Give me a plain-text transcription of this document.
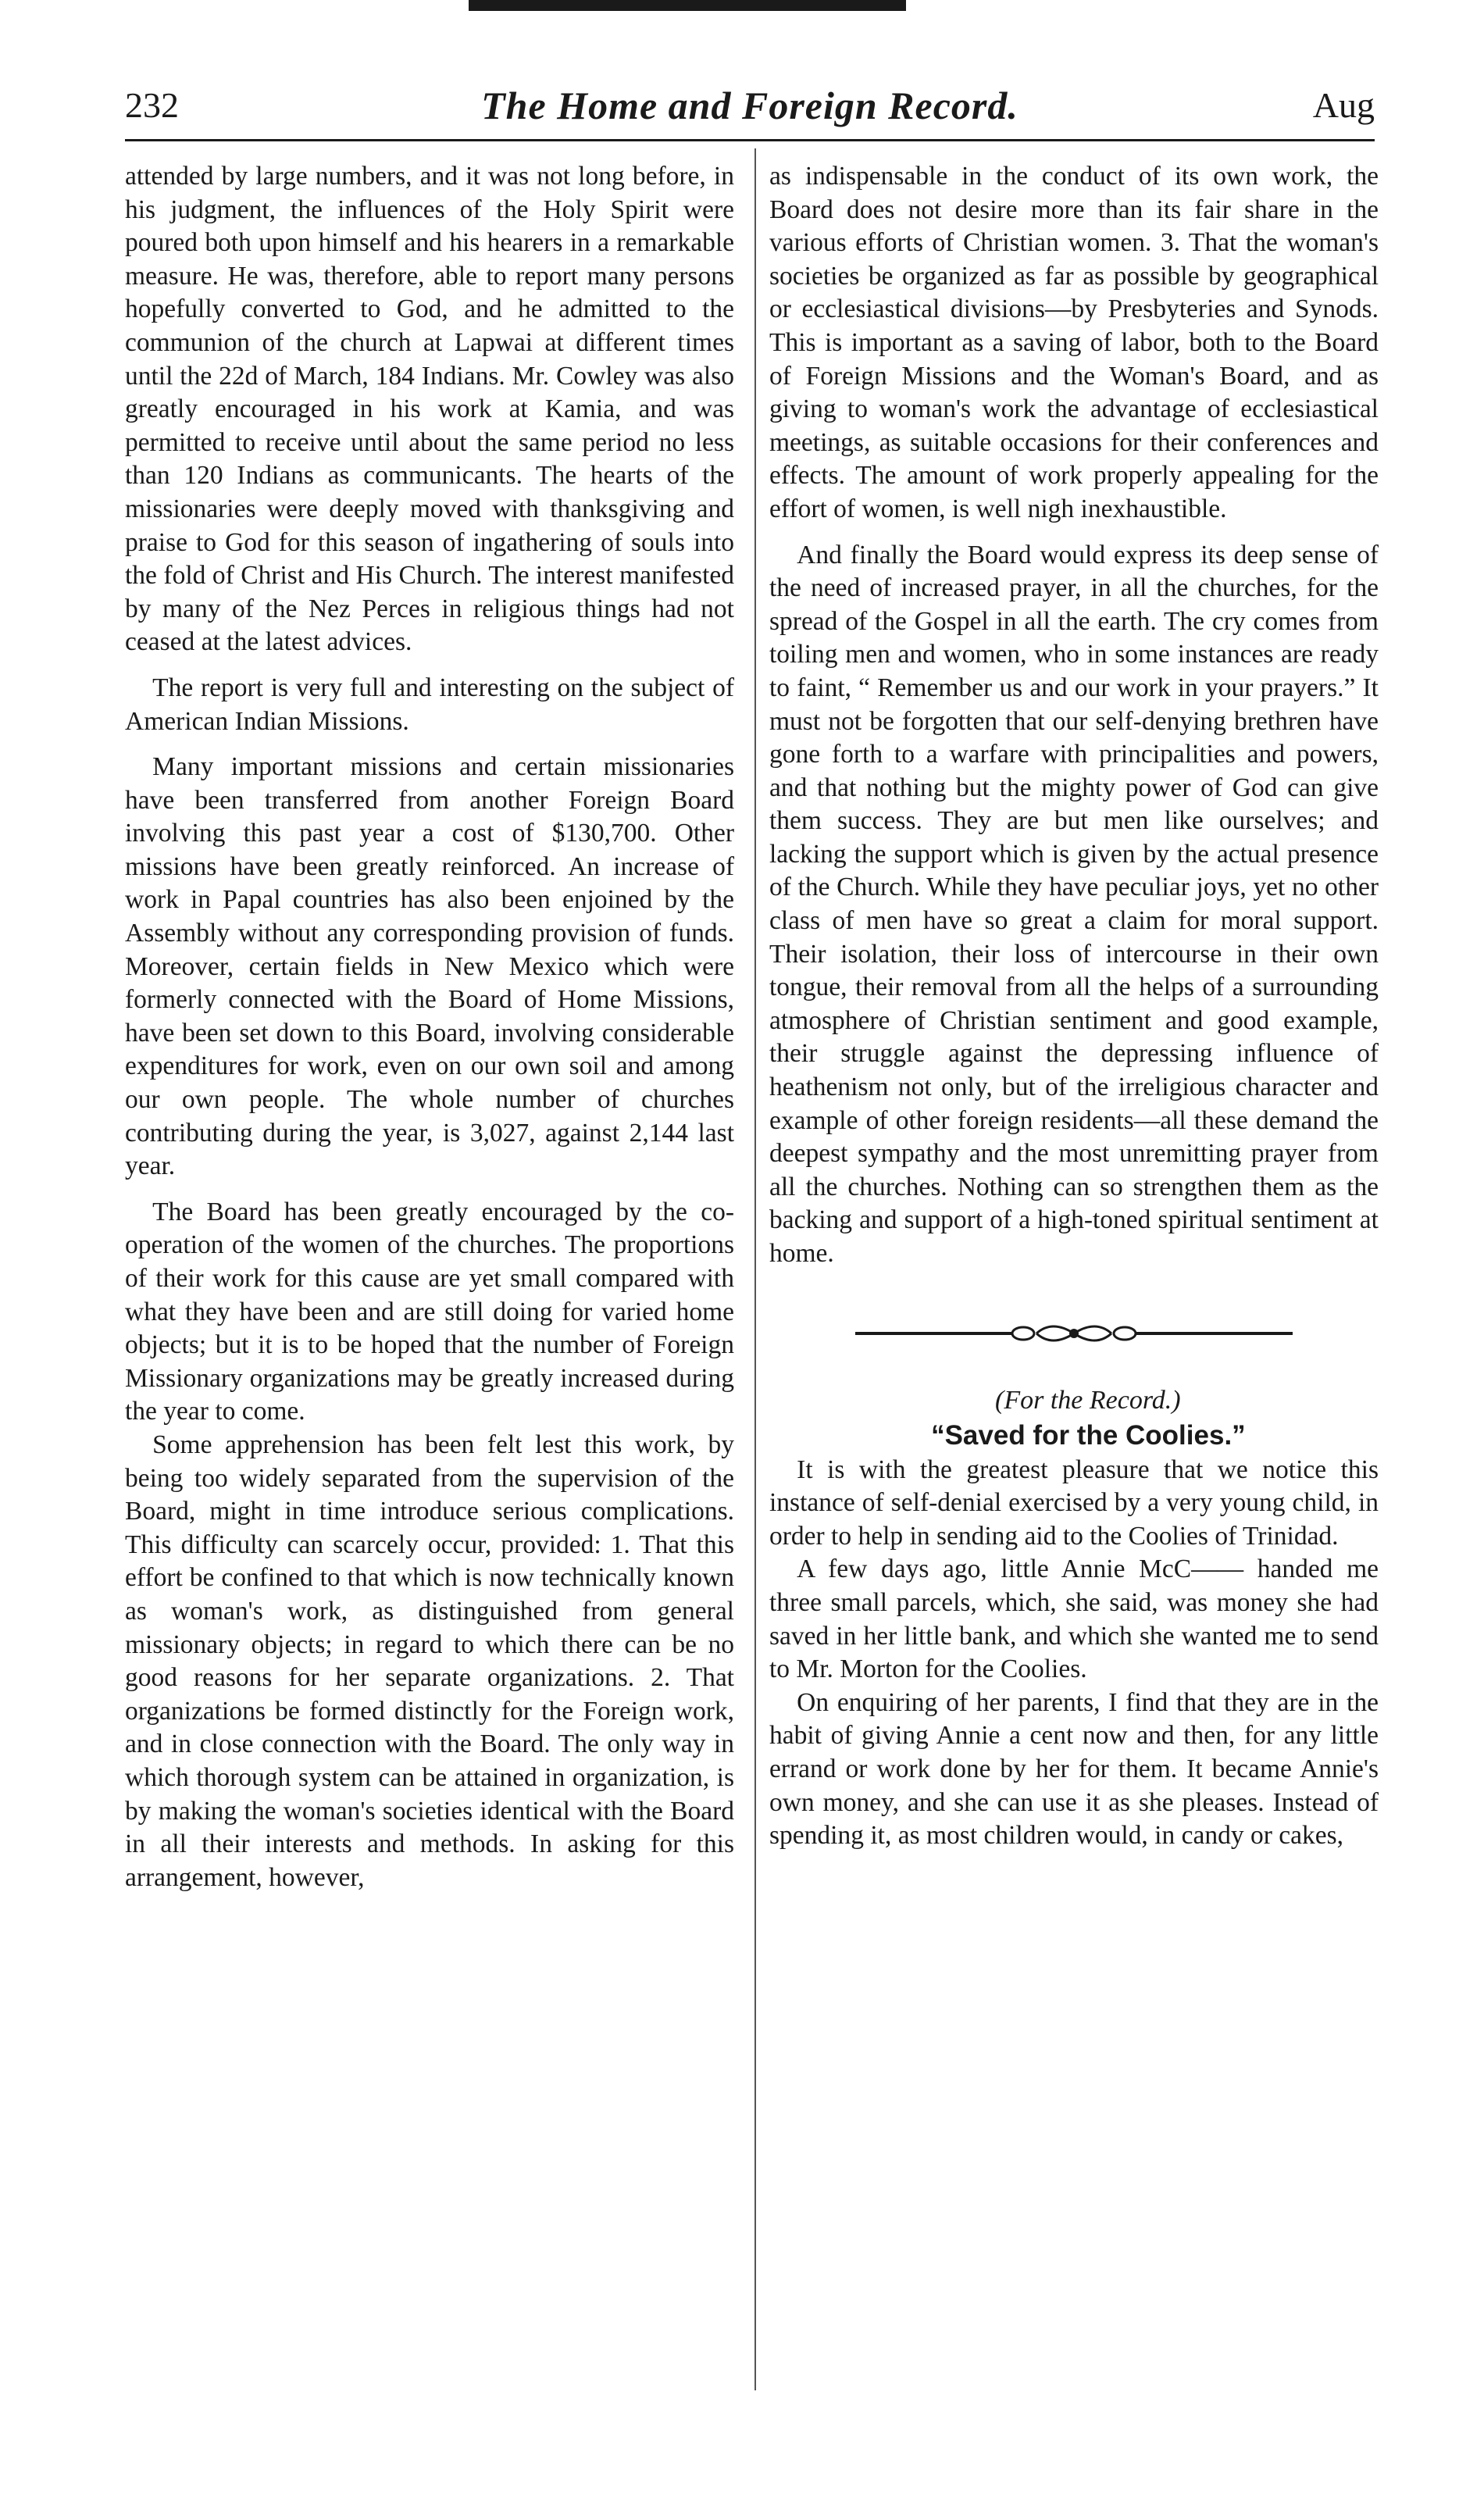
232	The Home and Foreign Record.	Aug

attended by large numbers, and it was not long before, in his judgment, the influences of the Holy Spirit were poured both upon himself and his hearers in a remarkable measure. He was, therefore, able to report many persons hopefully converted to God, and he admitted to the communion of the church at Lapwai at different times until the 22d of March, 184 Indians. Mr. Cowley was also greatly encouraged in his work at Kamia, and was permitted to receive until about the same period no less than 120 Indians as communicants. The hearts of the missionaries were deeply moved with thanksgiving and praise to God for this season of ingathering of souls into the fold of Christ and His Church. The interest manifested by many of the Nez Perces in religious things had not ceased at the latest advices.

The report is very full and interesting on the subject of American Indian Missions.

Many important missions and certain missionaries have been transferred from another Foreign Board involving this past year a cost of $130,700. Other missions have been greatly reinforced. An increase of work in Papal countries has also been enjoined by the Assembly without any corresponding provision of funds. Moreover, certain fields in New Mexico which were formerly connected with the Board of Home Missions, have been set down to this Board, involving considerable expenditures for work, even on our own soil and among our own people. The whole number of churches contributing during the year, is 3,027, against 2,144 last year.

The Board has been greatly encouraged by the co-operation of the women of the churches. The proportions of their work for this cause are yet small compared with what they have been and are still doing for varied home objects; but it is to be hoped that the number of Foreign Missionary organizations may be greatly increased during the year to come.

Some apprehension has been felt lest this work, by being too widely separated from the supervision of the Board, might in time introduce serious complications. This difficulty can scarcely occur, provided: 1. That this effort be confined to that which is now technically known as woman's work, as distinguished from general missionary objects; in regard to which there can be no good reasons for her separate organizations. 2. That organizations be formed distinctly for the Foreign work, and in close connection with the Board. The only way in which thorough system can be attained in organization, is by making the woman's societies identical with the Board in all their interests and methods. In asking for this arrangement, however,

as indispensable in the conduct of its own work, the Board does not desire more than its fair share in the various efforts of Christian women. 3. That the woman's societies be organized as far as possible by geographical or ecclesiastical divisions—by Presbyteries and Synods. This is important as a saving of labor, both to the Board of Foreign Missions and the Woman's Board, and as giving to woman's work the advantage of ecclesiastical meetings, as suitable occasions for their conferences and effects. The amount of work properly appealing for the effort of women, is well nigh inexhaustible.

And finally the Board would express its deep sense of the need of increased prayer, in all the churches, for the spread of the Gospel in all the earth. The cry comes from toiling men and women, who in some instances are ready to faint, “ Remember us and our work in your prayers.” It must not be forgotten that our self-denying brethren have gone forth to a warfare with principalities and powers, and that nothing but the mighty power of God can give them success. They are but men like ourselves; and lacking the support which is given by the actual presence of the Church. While they have peculiar joys, yet no other class of men have so great a claim for moral support. Their isolation, their loss of intercourse in their own tongue, their removal from all the helps of a surrounding atmosphere of Christian sentiment and good example, their struggle against the depressing influence of heathenism not only, but of the irreligious character and example of other foreign residents—all these demand the deepest sympathy and the most unremitting prayer from all the churches. Nothing can so strengthen them as the backing and support of a high-toned spiritual sentiment at home.

(For the Record.)

“Saved for the Coolies.”

It is with the greatest pleasure that we notice this instance of self-denial exercised by a very young child, in order to help in sending aid to the Coolies of Trinidad.

A few days ago, little Annie McC—— handed me three small parcels, which, she said, was money she had saved in her little bank, and which she wanted me to send to Mr. Morton for the Coolies.

On enquiring of her parents, I find that they are in the habit of giving Annie a cent now and then, for any little errand or work done by her for them. It became Annie's own money, and she can use it as she pleases. Instead of spending it, as most children would, in candy or cakes,
